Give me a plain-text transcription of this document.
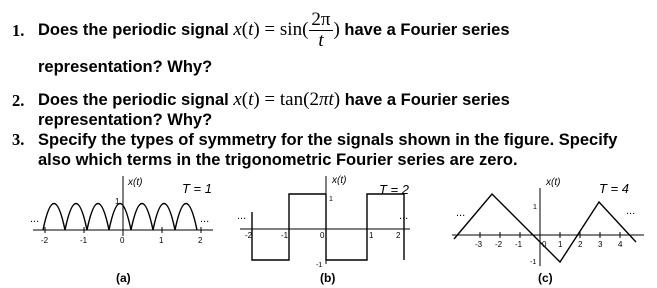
1. Does the periodic signal $x(t) = \sin( \frac{2\pi}{t}$ ) have a Fourier series
representation? Why?
2. Does the periodic signal x(t) = tan(2πt) have a Fourier series
representation? Why?
3. Specify the types of symmetry for the signals shown in the figure. Specify
also which terms in the trigonometric Fourier series are zero.
x(t)	T = 1
1
...	...
-2	-1	0	1	2
(a)
x(t)
T = 2
1
-1
...	...
-2	-1	0	1	2
(b)
x(t)	T = 4
1
-1
...	...
-3 -2 -1 0 1 2 3 4
(c)
